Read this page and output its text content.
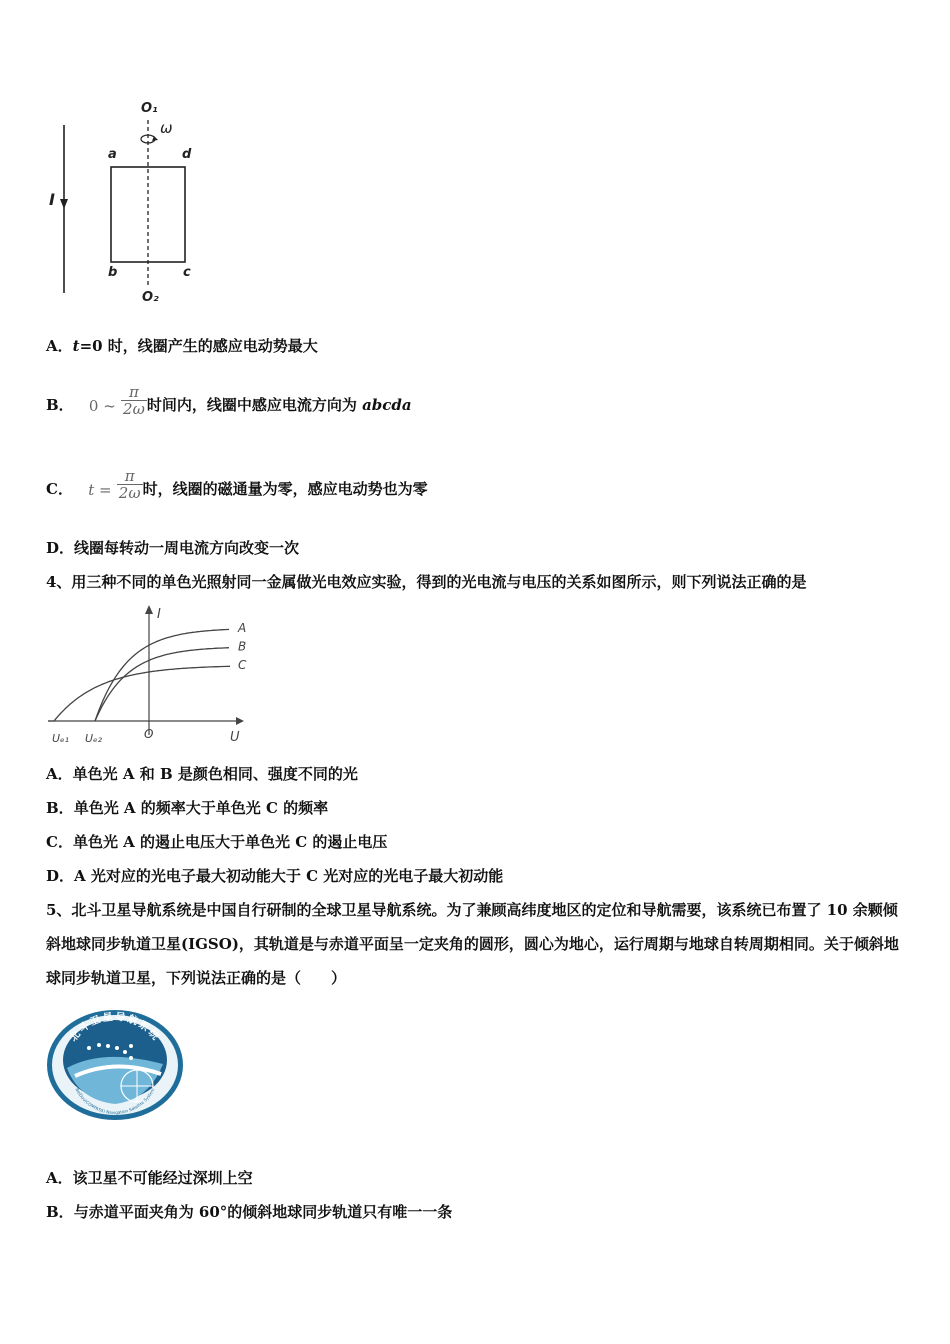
I
O₁
O₂
ω
a	d
b	c
A．t=0 时，线圈产生的感应电动势最大
B． 0 ~ $\frac{\pi}{2\omega}$ 时间内，线圈中感应电流方向为 abcda
C． $t = \frac{\pi}{2\omega}$ 时，线圈的磁通量为零，感应电动势也为零
D．线圈每转动一周电流方向改变一次
4、用三种不同的单色光照射同一金属做光电效应实验，得到的光电流与电压的关系如图所示，则下列说法正确的是
A
B
C
I
U
Uₑ₁ Uₑ₂	O
A．单色光 A 和 B 是颜色相同、强度不同的光
B．单色光 A 的频率大于单色光 C 的频率
C．单色光 A 的遏止电压大于单色光 C 的遏止电压
D．A 光对应的光电子最大初动能大于 C 光对应的光电子最大初动能
5、北斗卫星导航系统是中国自行研制的全球卫星导航系统。为了兼顾高纬度地区的定位和导航需要，该系统已布置了 10 余颗倾斜地球同步轨道卫星(IGSO)，其轨道是与赤道平面呈一定夹角的圆形，圆心为地心，运行周期与地球自转周期相同。关于倾斜地球同步轨道卫星，下列说法正确的是（　　）
北斗卫星导航系统
BeiDou(COMPASS) Navigation Satellite System
A．该卫星不可能经过深圳上空
B．与赤道平面夹角为 60°的倾斜地球同步轨道只有唯一一条
